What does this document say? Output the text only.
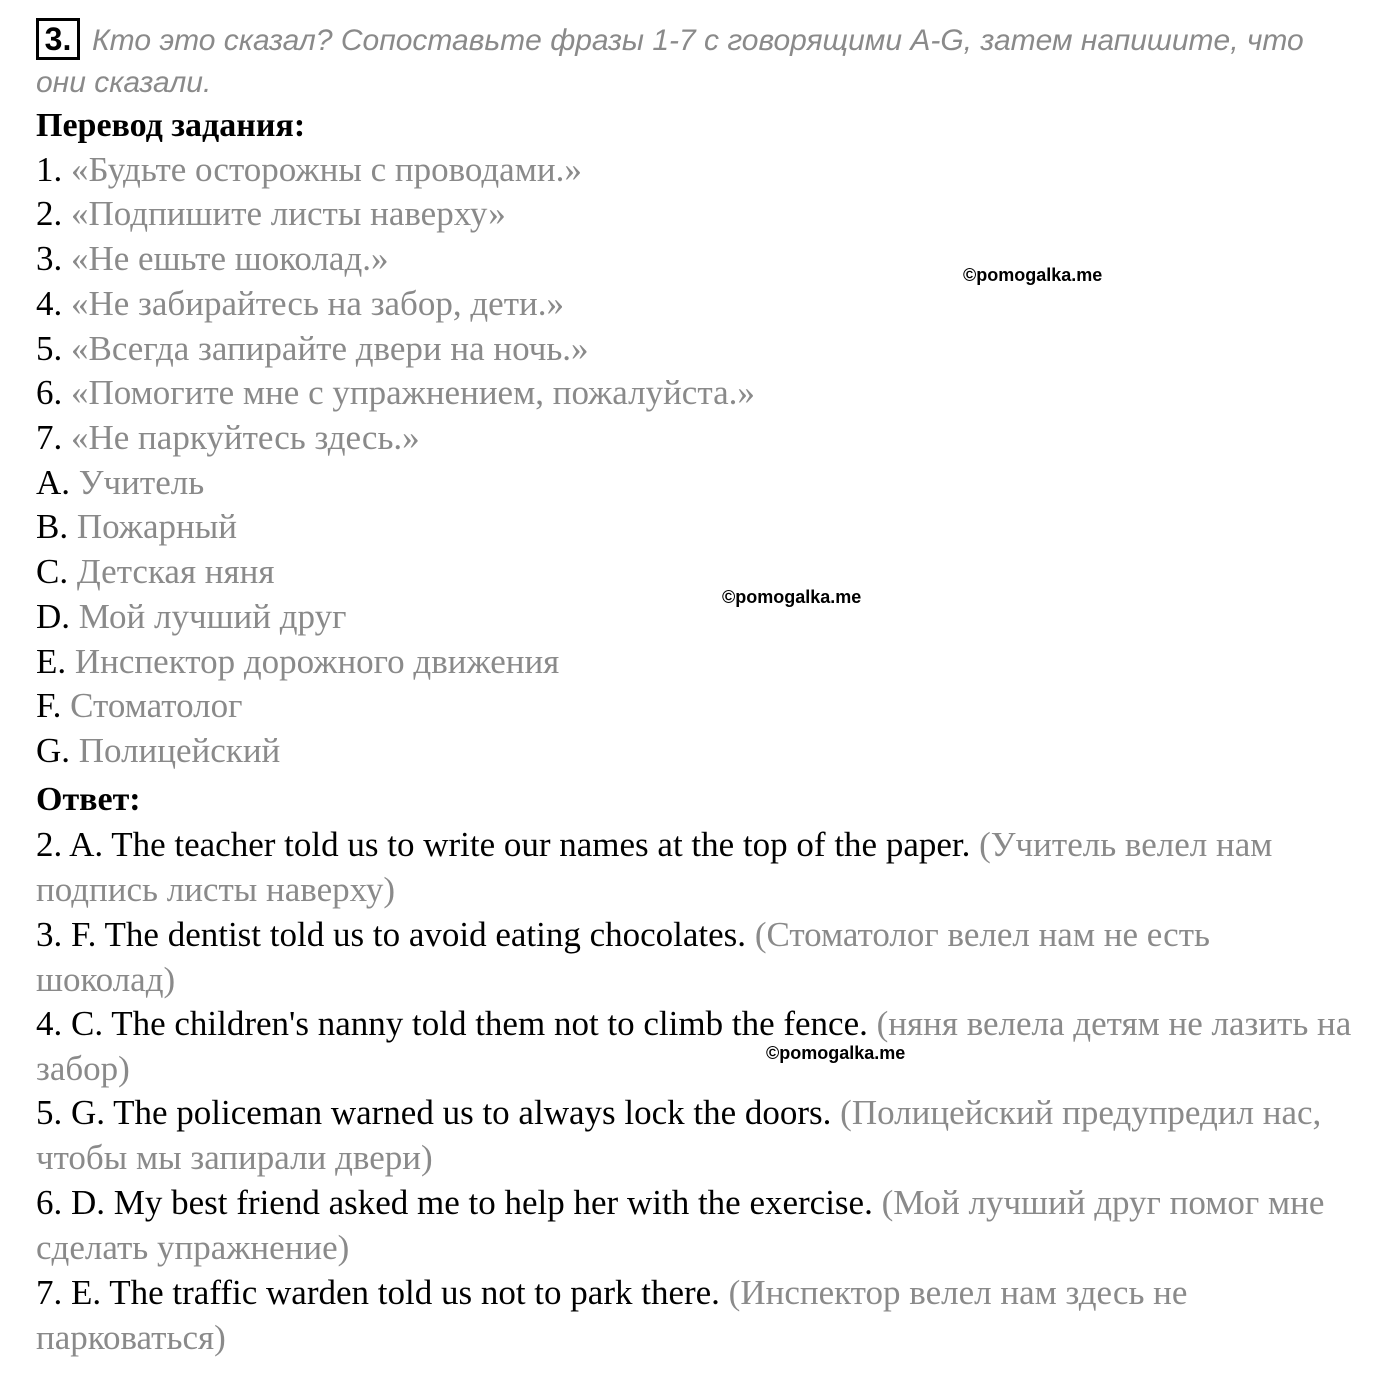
3. Кто это сказал? Сопоставьте фразы 1-7 с говорящими A-G, затем напишите, что они сказали.

Перевод задания:
1. «Будьте осторожны с проводами.»
2. «Подпишите листы наверху»
3. «Не ешьте шоколад.»
4. «Не забирайтесь на забор, дети.»
5. «Всегда запирайте двери на ночь.»
6. «Помогите мне с упражнением, пожалуйста.»
7. «Не паркуйтесь здесь.»
A. Учитель
B. Пожарный
C. Детская няня
D. Мой лучший друг
E. Инспектор дорожного движения
F. Стоматолог
G. Полицейский
Ответ:

2. A. The teacher told us to write our names at the top of the paper. (Учитель велел нам подпись листы наверху)

3. F. The dentist told us to avoid eating chocolates. (Стоматолог велел нам не есть шоколад)

4. C. The children's nanny told them not to climb the fence. (няня велела детям не лазить на забор)

5. G. The policeman warned us to always lock the doors. (Полицейский предупредил нас, чтобы мы запирали двери)

6. D. My best friend asked me to help her with the exercise. (Мой лучший друг помог мне сделать упражнение)

7. E. The traffic warden told us not to park there. (Инспектор велел нам здесь не парковаться)

©pomogalka.me
©pomogalka.me
©pomogalka.me
